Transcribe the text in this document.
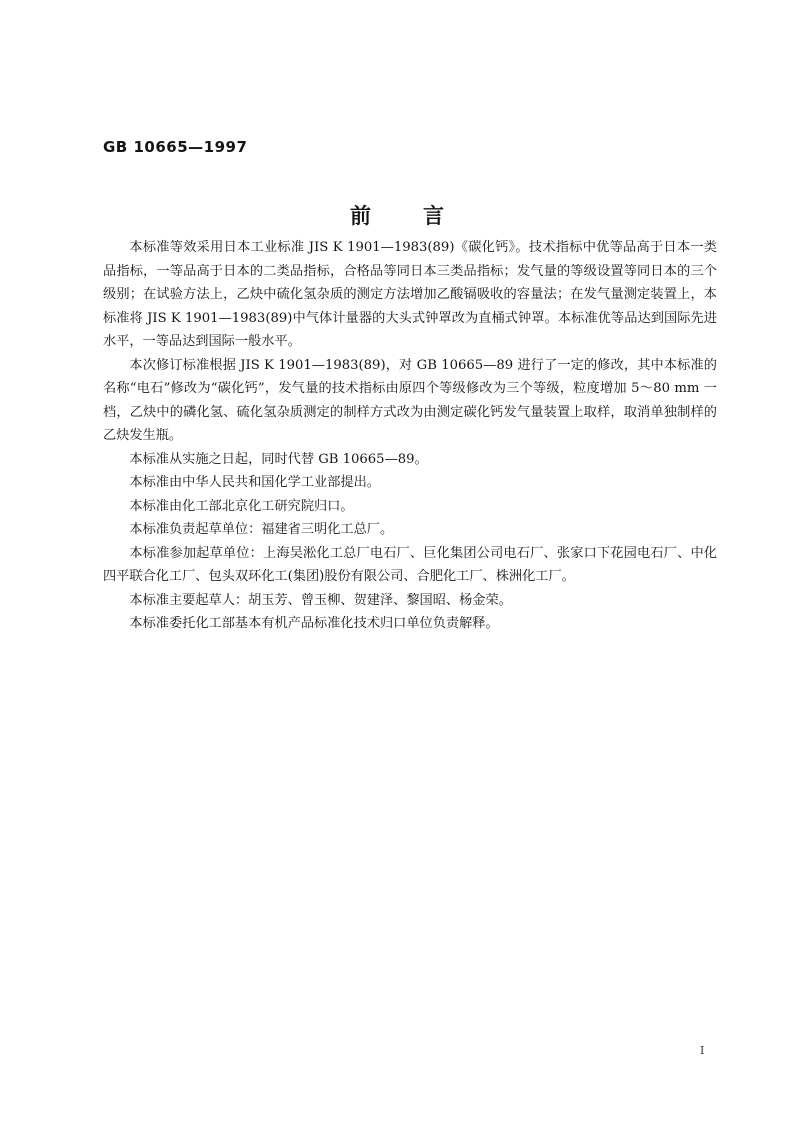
GB 10665—1997
前言

本标准等效采用日本工业标准 JIS K 1901—1983(89)《碳化钙》。技术指标中优等品高于日本一类品指标，一等品高于日本的二类品指标，合格品等同日本三类品指标；发气量的等级设置等同日本的三个级别；在试验方法上，乙炔中硫化氢杂质的测定方法增加乙酸镉吸收的容量法；在发气量测定装置上，本标准将 JIS K 1901—1983(89)中气体计量器的大头式钟罩改为直桶式钟罩。本标准优等品达到国际先进水平，一等品达到国际一般水平。

本次修订标准根据 JIS K 1901—1983(89)，对 GB 10665—89 进行了一定的修改，其中本标准的名称“电石”修改为“碳化钙”，发气量的技术指标由原四个等级修改为三个等级，粒度增加 5～80 mm 一档，乙炔中的磷化氢、硫化氢杂质测定的制样方式改为由测定碳化钙发气量装置上取样，取消单独制样的乙炔发生瓶。

本标准从实施之日起，同时代替 GB 10665—89。

本标准由中华人民共和国化学工业部提出。

本标准由化工部北京化工研究院归口。

本标准负责起草单位：福建省三明化工总厂。

本标准参加起草单位：上海吴淞化工总厂电石厂、巨化集团公司电石厂、张家口下花园电石厂、中化四平联合化工厂、包头双环化工(集团)股份有限公司、合肥化工厂、株洲化工厂。

本标准主要起草人：胡玉芳、曾玉柳、贺建泽、黎国昭、杨金荣。

本标准委托化工部基本有机产品标准化技术归口单位负责解释。

I
